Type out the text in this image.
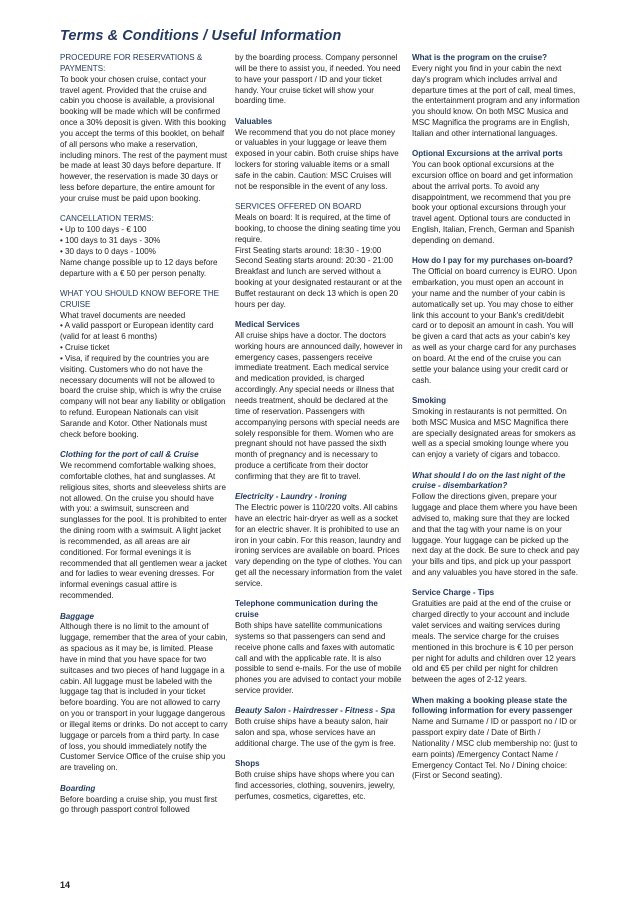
Terms & Conditions / Useful Information
PROCEDURE FOR RESERVATIONS & PAYMENTS:
To book your chosen cruise, contact your travel agent. Provided that the cruise and cabin you choose is available, a provisional booking will be made which will be confirmed once a 30% deposit is given. With this booking you accept the terms of this booklet, on behalf of all persons who make a reservation, including minors. The rest of the payment must be made at least 30 days before departure. If however, the reservation is made 30 days or less before departure, the entire amount for your cruise must be paid upon booking.
CANCELLATION TERMS:
• Up to 100 days - € 100
• 100 days to 31 days - 30%
• 30 days to 0 days - 100%
Name change possible up to 12 days before departure with a € 50 per person penalty.
WHAT YOU SHOULD KNOW BEFORE THE CRUISE
What travel documents are needed
• A valid passport or European identity card (valid for at least 6 months)
• Cruise ticket
• Visa, if required by the countries you are visiting. Customers who do not have the necessary documents will not be allowed to board the cruise ship, which is why the cruise company will not bear any liability or obligation to refund. European Nationals can visit Sarande and Kotor. Other Nationals must check before booking.
Clothing for the port of call & Cruise
We recommend comfortable walking shoes, comfortable clothes, hat and sunglasses. At religious sites, shorts and sleeveless shirts are not allowed. On the cruise you should have with you: a swimsuit, sunscreen and sunglasses for the pool. It is prohibited to enter the dining room with a swimsuit. A light jacket is recommended, as all areas are air conditioned. For formal evenings it is recommended that all gentlemen wear a jacket and for ladies to wear evening dresses. For informal evenings casual attire is recommended.
Baggage
Although there is no limit to the amount of luggage, remember that the area of your cabin, as spacious as it may be, is limited. Please have in mind that you have space for two suitcases and two pieces of hand luggage in a cabin. All luggage must be labeled with the luggage tag that is included in your ticket before boarding. You are not allowed to carry on you or transport in your luggage dangerous or illegal items or drinks. Do not accept to carry luggage or parcels from a third party. In case of loss, you should immediately notify the Customer Service Office of the cruise ship you are traveling on.
Boarding
Before boarding a cruise ship, you must first go through passport control followed
by the boarding process. Company personnel will be there to assist you, if needed. You need to have your passport / ID and your ticket handy. Your cruise ticket will show your boarding time.
Valuables
We recommend that you do not place money or valuables in your luggage or leave them exposed in your cabin. Both cruise ships have lockers for storing valuable items or a small safe in the cabin. Caution: MSC Cruises will not be responsible in the event of any loss.
SERVICES OFFERED ON BOARD
Meals on board: It is required, at the time of booking, to choose the dining seating time you require.
First Seating starts around: 18:30 - 19:00
Second Seating starts around: 20:30 - 21:00
Breakfast and lunch are served without a booking at your designated restaurant or at the Buffet restaurant on deck 13 which is open 20 hours per day.
Medical Services
All cruise ships have a doctor. The doctors working hours are announced daily, however in emergency cases, passengers receive immediate treatment. Each medical service and medication provided, is charged accordingly. Any special needs or illness that needs treatment, should be declared at the time of reservation. Passengers with accompanying persons with special needs are solely responsible for them. Women who are pregnant should not have passed the sixth month of pregnancy and is necessary to produce a certificate from their doctor confirming that they are fit to travel.
Electricity - Laundry - Ironing
The Electric power is 110/220 volts. All cabins have an electric hair-dryer as well as a socket for an electric shaver. It is prohibited to use an iron in your cabin. For this reason, laundry and ironing services are available on board. Prices vary depending on the type of clothes. You can get all the necessary information from the valet service.
Telephone communication during the cruise
Both ships have satellite communications systems so that passengers can send and receive phone calls and faxes with automatic call and with the applicable rate. It is also possible to send e-mails. For the use of mobile phones you are advised to contact your mobile service provider.
Beauty Salon - Hairdresser - Fitness - Spa
Both cruise ships have a beauty salon, hair salon and spa, whose services have an additional charge. The use of the gym is free.
Shops
Both cruise ships have shops where you can find accessories, clothing, souvenirs, jewelry, perfumes, cosmetics, cigarettes, etc.
What is the program on the cruise?
Every night you find in your cabin the next day's program which includes arrival and departure times at the port of call, meal times, the entertainment program and any information you should know. On both MSC Musica and MSC Magnifica the programs are in English, Italian and other international languages.
Optional Excursions at the arrival ports
You can book optional excursions at the excursion office on board and get information about the arrival ports. To avoid any disappointment, we recommend that you pre book your optional excursions through your travel agent. Optional tours are conducted in English, Italian, French, German and Spanish depending on demand.
How do I pay for my purchases on-board?
The Official on board currency is EURO. Upon embarkation, you must open an account in your name and the number of your cabin is automatically set up. You may chose to either link this account to your Bank's credit/debit card or to deposit an amount in cash. You will be given a card that acts as your cabin's key as well as your charge card for any purchases on board. At the end of the cruise you can settle your balance using your credit card or cash.
Smoking
Smoking in restaurants is not permitted. On both MSC Musica and MSC Magnifica there are specially designated areas for smokers as well as a special smoking lounge where you can enjoy a variety of cigars and tobacco.
What should I do on the last night of the cruise - disembarkation?
Follow the directions given, prepare your luggage and place them where you have been advised to, making sure that they are locked and that the tag with your name is on your luggage. Your luggage can be picked up the next day at the dock. Be sure to check and pay your bills and tips, and pick up your passport and any valuables you have stored in the safe.
Service Charge - Tips
Gratuities are paid at the end of the cruise or charged directly to your account and include valet services and waiting services during meals. The service charge for the cruises mentioned in this brochure is € 10 per person per night for adults and children over 12 years old and €5 per child per night for children between the ages of 2-12 years.
When making a booking please state the following information for every passenger
Name and Surname / ID or passport no / ID or passport expiry date / Date of Birth / Nationality / MSC club membership no: (just to earn points) /Emergency Contact Name / Emergency Contact Tel. No / Dining choice: (First or Second seating).
14
